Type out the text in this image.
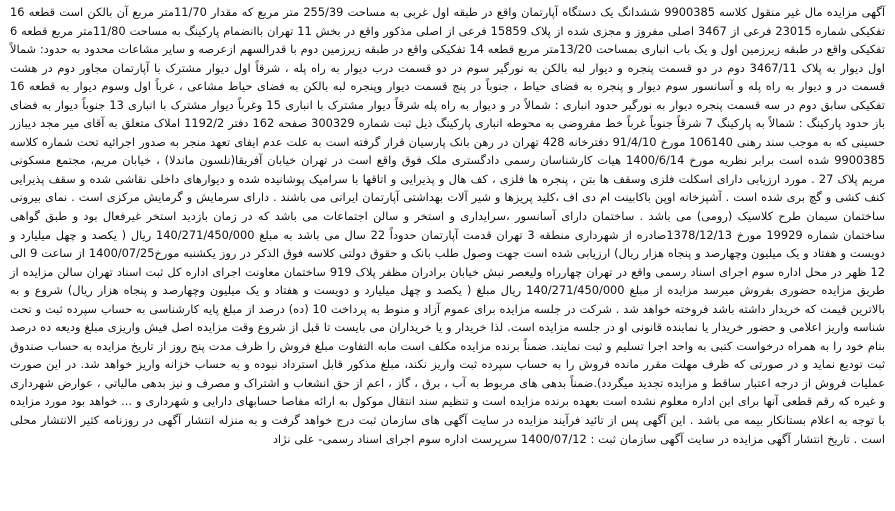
آگهی مزایده مال غیر منقول کلاسه 9900385 ششدانگ یک دستگاه آپارتمان واقع در طبقه اول غربی به مساحت 255/39 متر مربع که مقدار 11/70متر مربع آن بالکن است قطعه 16 تفکیکی شماره 23015 فرعی از 3467 اصلی مفروز و مجزی شده از پلاک 15859 فرعی از اصلی مذکور واقع در بخش 11 تهران باانضمام پارکینگ به مساحت 11/80متر مربع قطعه 6 تفکیکی واقع در طبقه زیرزمین اول و یک باب انباری بمساحت 13/20متر مربع قطعه 14 تفکیکی واقع در طبقه زیرزمین دوم با قدرالسهم ازعرصه و سایر مشاعات محدود به حدود: شمالاً اول دیوار به پلاک 3467/11 دوم در دو قسمت پنجره و دیوار لبه بالکن به نورگیر سوم در دو قسمت درب دیوار به راه پله ، شرقاً اول دیوار مشترک با آپارتمان مجاور دوم در هشت قسمت در و دیوار به راه پله و آسانسور سوم دیوار و پنجره به فضای حیاط ، جنوباً در پنج قسمت دیوار وپنجره لبه بالکن به فضای حیاط مشاعی ، غرباً اول وسوم دیوار به قطعه 16 تفکیکی سابق دوم در سه قسمت پنجره دیوار به نورگیر حدود انباری : شمالاً در و دیوار به راه پله شرقاً دیوار مشترک با انباری 15 وغرباً دیوار مشترک با انباری 13 جنوباً دیوار به فضای باز حدود پارکینگ : شمالاً به پارکینگ 7 شرقاً جنوباً غرباً خط مفروضی به محوطه انباری پارکینگ ذیل ثبت شماره 300329 صفحه 162 دفتر 1192/2 املاک متعلق به آقای میر مجد دیبازر حسینی که به موجب سند رهنی 106140 مورخ 91/4/10 دفترخانه 428 تهران در رهن بانک پارسیان قرار گرفته است به علت عدم ایفای تعهد منجر به صدور اجرائیه تحت شماره کلاسه 9900385 شده است برابر نظریه مورخ 1400/6/14 هیات کارشناسان رسمی دادگستری ملک فوق واقع است در تهران خیابان آفریقا(نلسون ماندلا) ، خیابان مریم، مجتمع مسکونی مریم پلاک 27 . مورد ارزیابی دارای اسکلت فلزی وسقف ها بتن ، پنجره ها فلزی ، کف هال و پذیرایی و اتاقها با سرامیک پوشانیده شده و دیوارهای داخلی نقاشی شده و سقف پذیرایی کنف کشی و گچ بری شده است . آشپزخانه اوپن باکابینت ام دی اف ،کلید پریزها و شیر آلات بهداشتی آپارتمان ایرانی می باشند . دارای سرمایش و گرمایش مرکزی است . نمای بیرونی ساختمان سیمان طرح کلاسیک (رومی) می باشد . ساختمان دارای آسانسور ،سرایداری و استخر و سالن اجتماعات می باشد که در زمان بازدید استخر غیرفعال بود و طبق گواهی ساختمان شماره 19929 مورخ 1378/12/13صادره از شهرداری منطقه 3 تهران قدمت آپارتمان حدوداً 22 سال می باشد به مبلغ 140/271/450/000 ریال ( یکصد و چهل میلیارد و دویست و هفتاد و یک میلیون وچهارصد و پنجاه هزار ریال) ارزیابی شده است جهت وصول طلب بانک و حقوق دولتی کلاسه فوق الذکر در روز یکشنبه مورخ1400/07/25 از ساعت 9 الی 12 ظهر در محل اداره سوم اجرای اسناد رسمی واقع در تهران چهارراه ولیعصر نبش خیابان برادران مظفر پلاک 919 ساختمان معاونت اجرای اداره کل ثبت اسناد تهران سالن مزایده از طریق مزایده حضوری بفروش میرسد مزایده از مبلغ 140/271/450/000 ریال مبلغ ( یکصد و چهل میلیارد و دویست و هفتاد و یک میلیون وچهارصد و پنجاه هزار ریال) شروع و به بالاترین قیمت که خریدار داشته باشد فروخته خواهد شد . شرکت در جلسه مزایده برای عموم آزاد و منوط به پرداخت 10 (ده) درصد از مبلغ پایه کارشناسی به حساب سپرده ثبت و تحت شناسه واریز اعلامی و حضور خریدار یا نماینده قانونی او در جلسه مزایده است. لذا خریدار و یا خریداران می بایست تا قبل از شروع وقت مزایده اصل فیش واریزی مبلغ ودیعه ده درصد بنام خود را به همراه درخواست کتبی به واحد اجرا تسلیم و ثبت نمایند. ضمناً برنده مزایده مکلف است مابه التفاوت مبلغ فروش را ظرف مدت پنج روز از تاریخ مزایده به حساب صندوق ثبت تودیع نماید و در صورتی که ظرف مهلت مقرر مانده فروش را به حساب سپرده ثبت واریز نکند، مبلغ مذکور قابل استرداد نبوده و به حساب خزانه واریز خواهد شد. در این صورت عملیات فروش از درجه اعتبار ساقط و مزایده تجدید میگردد).ضمناً بدهی های مربوط به آب ، برق ، گاز ، اعم از حق انشعاب و اشتراک و مصرف و نیز بدهی مالیاتی ، عوارض شهرداری و غیره که رقم قطعی آنها برای این اداره معلوم نشده است بعهده برنده مزایده است و تنظیم سند انتقال موکول به ارائه مفاصا حسابهای دارایی و شهرداری و ... خواهد بود مورد مزایده با توجه به اعلام بستانکار بیمه می باشد . این آگهی پس از تائید فرآیند مزایده در سایت آگهی های سازمان ثبت درج خواهد گرفت و به منزله انتشار آگهی در روزنامه کثیر الانتشار محلی است . تاریخ انتشار آگهی مزایده در سایت آگهی سازمان ثبت : 1400/07/12 سرپرست اداره سوم اجرای اسناد رسمی- علی نژاد
